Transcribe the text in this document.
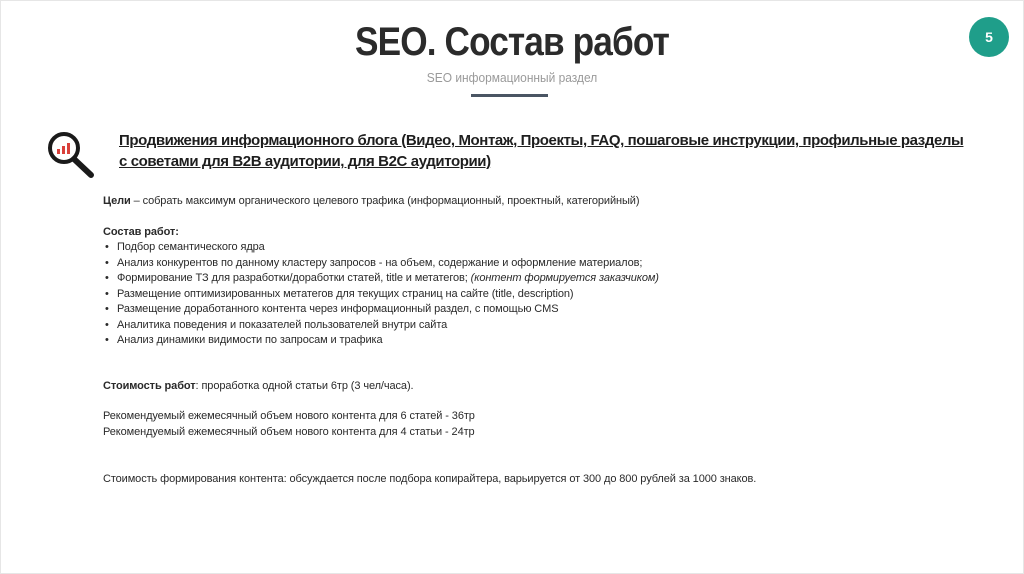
SEO. Состав работ
SEO информационный раздел
5
Продвижения информационного блога (Видео, Монтаж, Проекты, FAQ, пошаговые инструкции, профильные разделы с советами для B2B аудитории, для B2C аудитории)

Цели – собрать максимум органического целевого трафика (информационный, проектный, категорийный)

Состав работ:

• Подбор семантического ядра
• Анализ конкурентов по данному кластеру запросов - на объем, содержание и оформление материалов;
• Формирование ТЗ для разработки/доработки статей, title и метатегов; (контент формируется заказчиком)
• Размещение оптимизированных метатегов для текущих страниц на сайте (title, description)
• Размещение доработанного контента через информационный раздел, с помощью CMS
• Аналитика поведения и показателей пользователей внутри сайта
• Анализ динамики видимости по запросам и трафика

Стоимость работ: проработка одной статьи 6тр (3 чел/часа).

Рекомендуемый ежемесячный объем нового контента для 6 статей - 36тр

Рекомендуемый ежемесячный объем нового контента для 4 статьи - 24тр

Стоимость формирования контента: обсуждается после подбора копирайтера, варьируется от 300 до 800 рублей за 1000 знаков.
